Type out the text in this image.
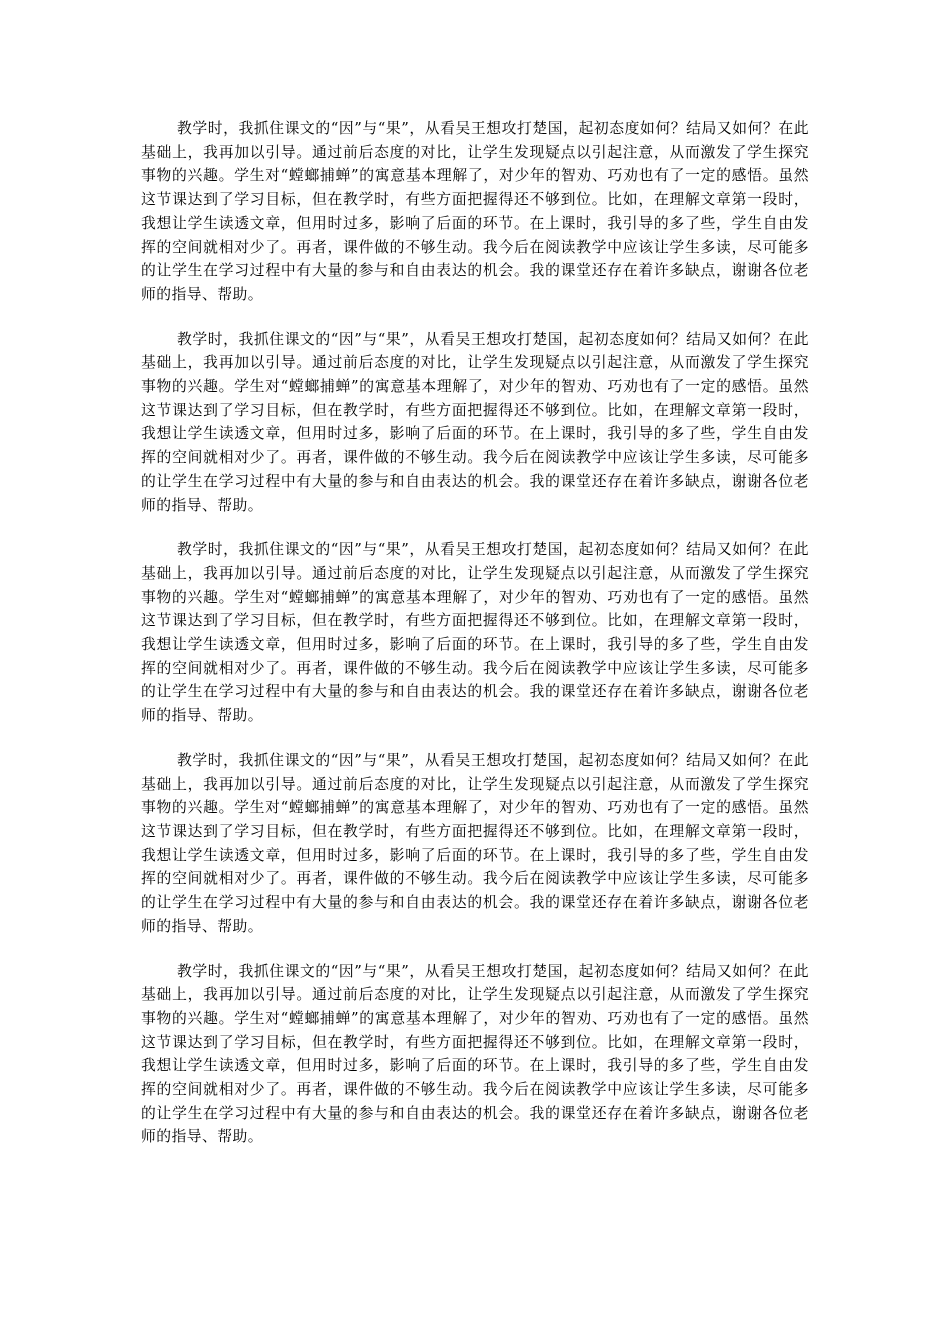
教学时，我抓住课文的“因”与“果”，从看吴王想攻打楚国，起初态度如何？结局又如何？在此基础上，我再加以引导。通过前后态度的对比，让学生发现疑点以引起注意，从而激发了学生探究事物的兴趣。学生对“螳螂捕蝉”的寓意基本理解了，对少年的智劝、巧劝也有了一定的感悟。虽然这节课达到了学习目标，但在教学时，有些方面把握得还不够到位。比如，在理解文章第一段时，我想让学生读透文章，但用时过多，影响了后面的环节。在上课时，我引导的多了些，学生自由发挥的空间就相对少了。再者，课件做的不够生动。我今后在阅读教学中应该让学生多读，尽可能多的让学生在学习过程中有大量的参与和自由表达的机会。我的课堂还存在着许多缺点，谢谢各位老师的指导、帮助。

教学时，我抓住课文的“因”与“果”，从看吴王想攻打楚国，起初态度如何？结局又如何？在此基础上，我再加以引导。通过前后态度的对比，让学生发现疑点以引起注意，从而激发了学生探究事物的兴趣。学生对“螳螂捕蝉”的寓意基本理解了，对少年的智劝、巧劝也有了一定的感悟。虽然这节课达到了学习目标，但在教学时，有些方面把握得还不够到位。比如，在理解文章第一段时，我想让学生读透文章，但用时过多，影响了后面的环节。在上课时，我引导的多了些，学生自由发挥的空间就相对少了。再者，课件做的不够生动。我今后在阅读教学中应该让学生多读，尽可能多的让学生在学习过程中有大量的参与和自由表达的机会。我的课堂还存在着许多缺点，谢谢各位老师的指导、帮助。

教学时，我抓住课文的“因”与“果”，从看吴王想攻打楚国，起初态度如何？结局又如何？在此基础上，我再加以引导。通过前后态度的对比，让学生发现疑点以引起注意，从而激发了学生探究事物的兴趣。学生对“螳螂捕蝉”的寓意基本理解了，对少年的智劝、巧劝也有了一定的感悟。虽然这节课达到了学习目标，但在教学时，有些方面把握得还不够到位。比如，在理解文章第一段时，我想让学生读透文章，但用时过多，影响了后面的环节。在上课时，我引导的多了些，学生自由发挥的空间就相对少了。再者，课件做的不够生动。我今后在阅读教学中应该让学生多读，尽可能多的让学生在学习过程中有大量的参与和自由表达的机会。我的课堂还存在着许多缺点，谢谢各位老师的指导、帮助。

教学时，我抓住课文的“因”与“果”，从看吴王想攻打楚国，起初态度如何？结局又如何？在此基础上，我再加以引导。通过前后态度的对比，让学生发现疑点以引起注意，从而激发了学生探究事物的兴趣。学生对“螳螂捕蝉”的寓意基本理解了，对少年的智劝、巧劝也有了一定的感悟。虽然这节课达到了学习目标，但在教学时，有些方面把握得还不够到位。比如，在理解文章第一段时，我想让学生读透文章，但用时过多，影响了后面的环节。在上课时，我引导的多了些，学生自由发挥的空间就相对少了。再者，课件做的不够生动。我今后在阅读教学中应该让学生多读，尽可能多的让学生在学习过程中有大量的参与和自由表达的机会。我的课堂还存在着许多缺点，谢谢各位老师的指导、帮助。

教学时，我抓住课文的“因”与“果”，从看吴王想攻打楚国，起初态度如何？结局又如何？在此基础上，我再加以引导。通过前后态度的对比，让学生发现疑点以引起注意，从而激发了学生探究事物的兴趣。学生对“螳螂捕蝉”的寓意基本理解了，对少年的智劝、巧劝也有了一定的感悟。虽然这节课达到了学习目标，但在教学时，有些方面把握得还不够到位。比如，在理解文章第一段时，我想让学生读透文章，但用时过多，影响了后面的环节。在上课时，我引导的多了些，学生自由发挥的空间就相对少了。再者，课件做的不够生动。我今后在阅读教学中应该让学生多读，尽可能多的让学生在学习过程中有大量的参与和自由表达的机会。我的课堂还存在着许多缺点，谢谢各位老师的指导、帮助。
